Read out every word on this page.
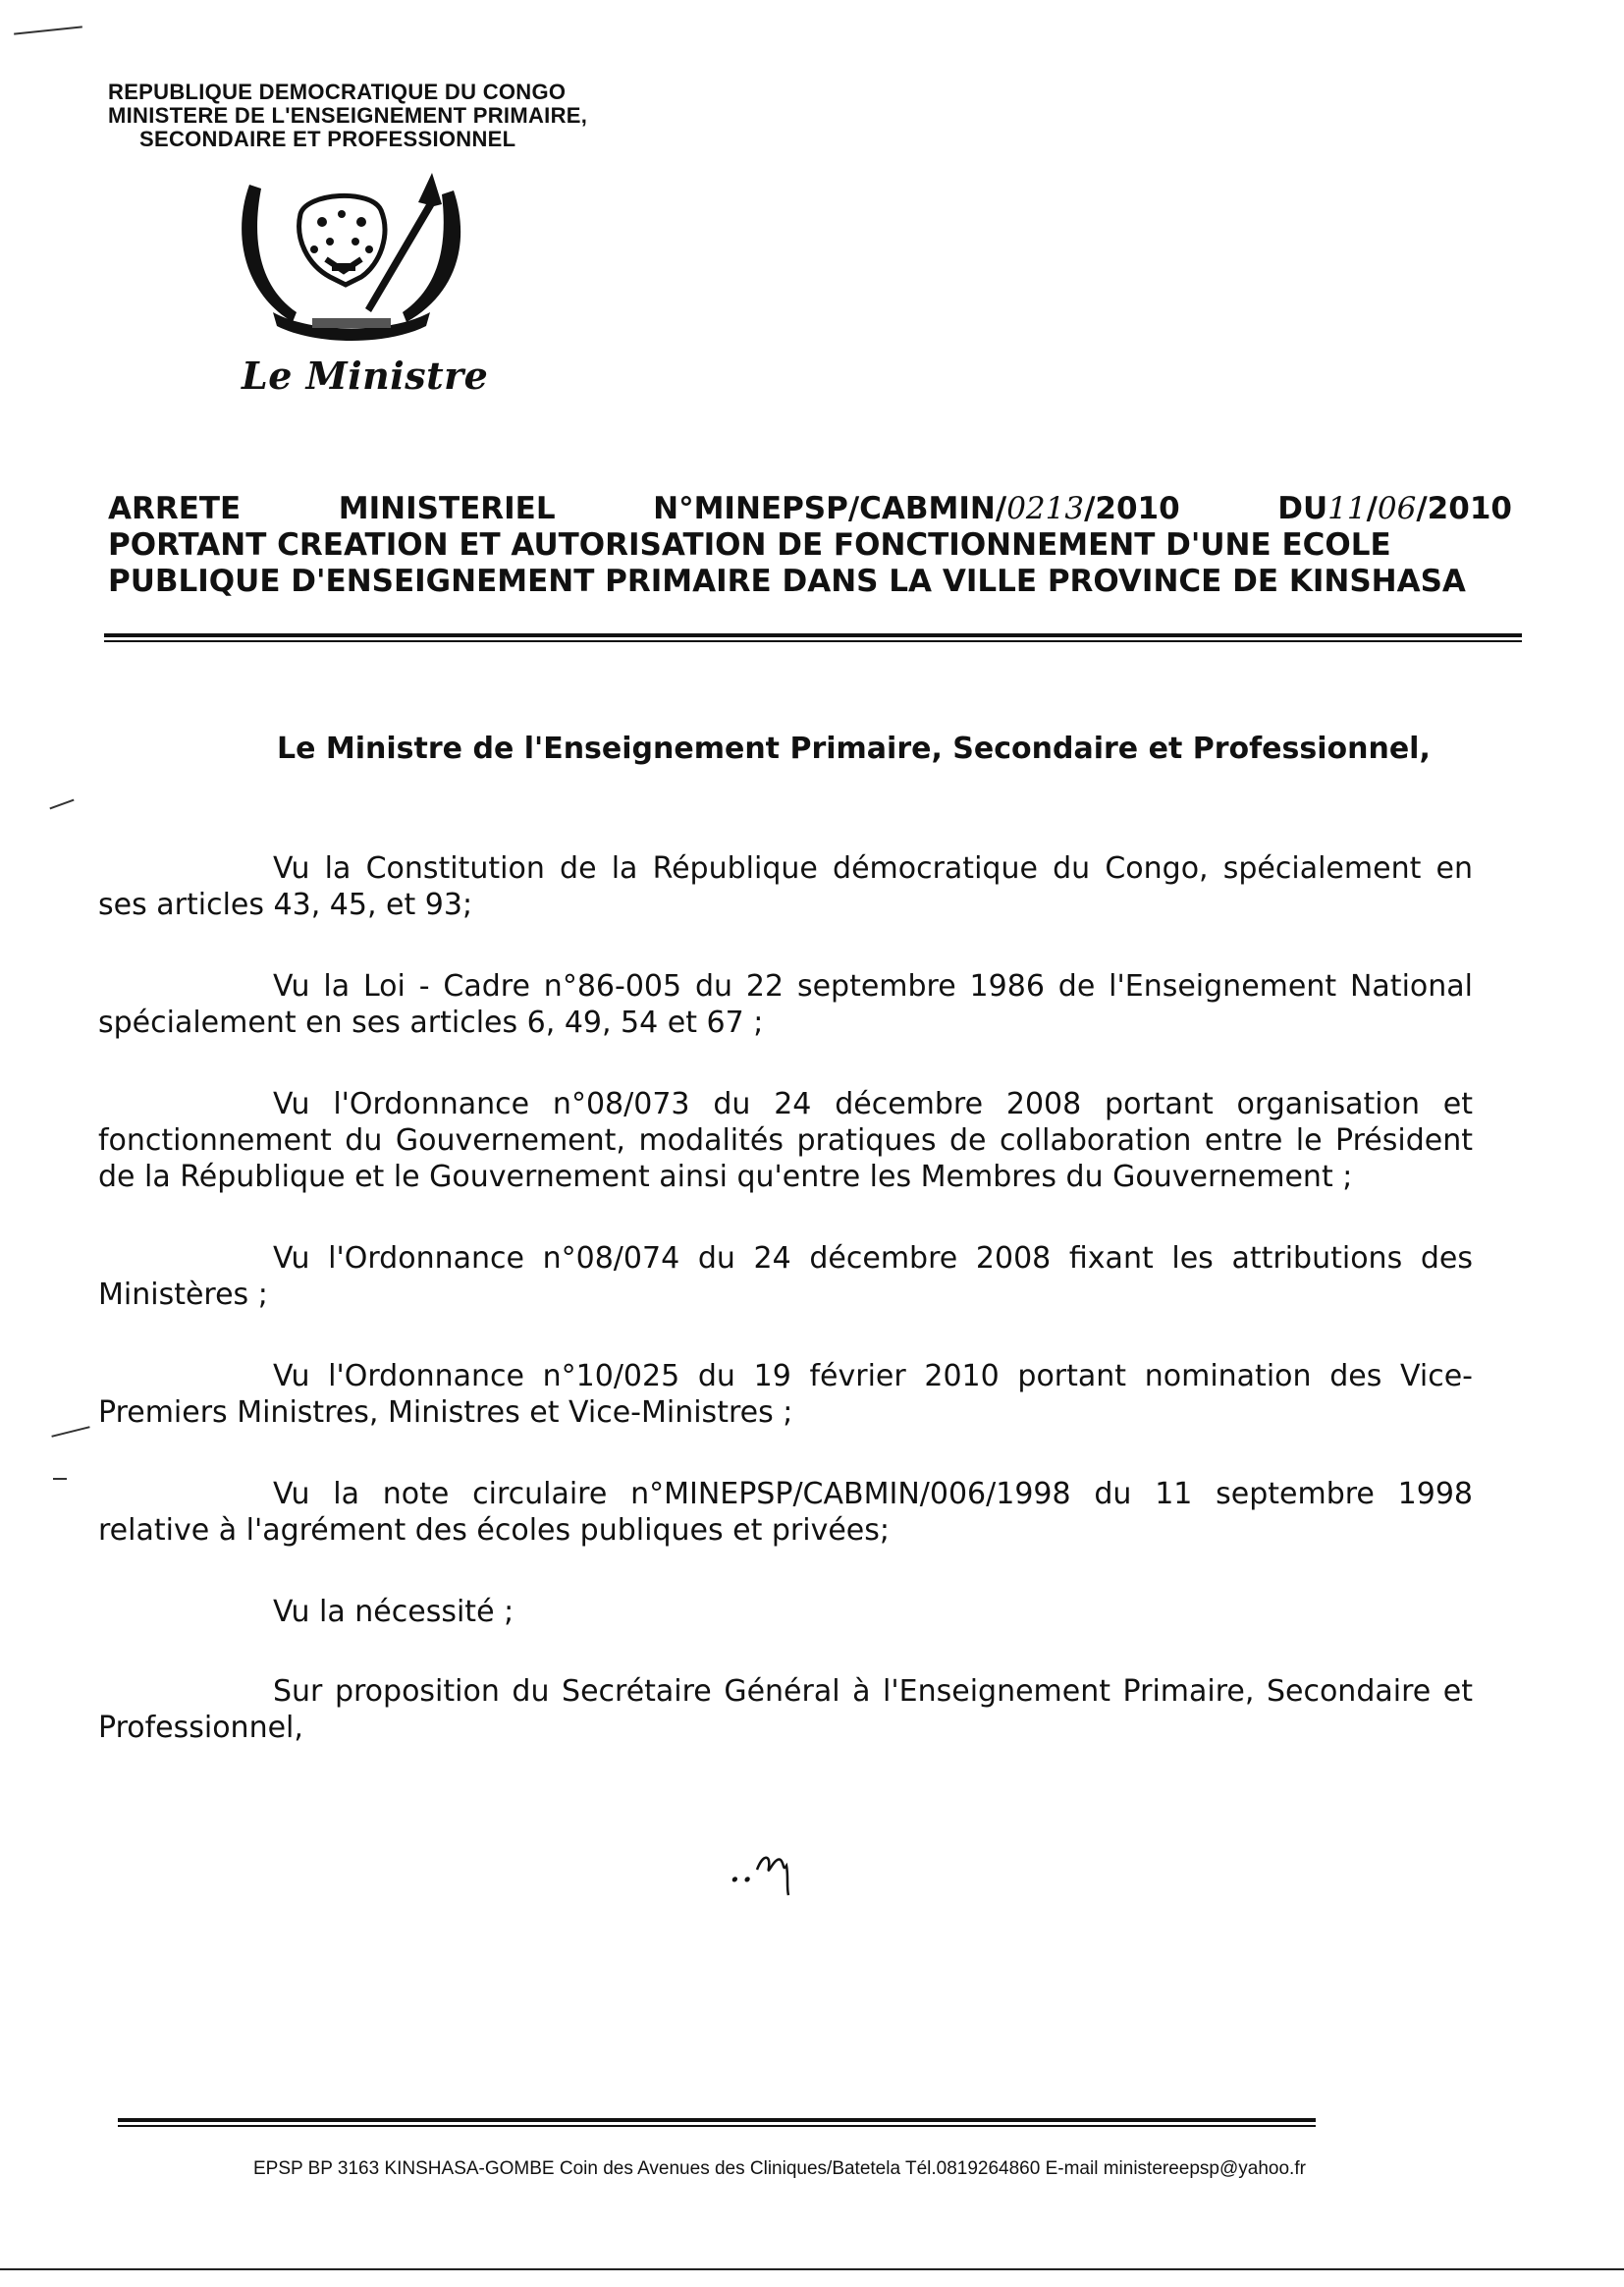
REPUBLIQUE DEMOCRATIQUE DU CONGO
MINISTERE DE L'ENSEIGNEMENT PRIMAIRE,
SECONDAIRE ET PROFESSIONNEL
Le Ministre
ARRETE	MINISTERIEL	N°MINEPSP/CABMIN/0213/2010	DU11/06/2010
PORTANT CREATION ET AUTORISATION DE FONCTIONNEMENT D'UNE ECOLE
PUBLIQUE D'ENSEIGNEMENT PRIMAIRE DANS LA VILLE PROVINCE DE KINSHASA
Le Ministre de l'Enseignement Primaire, Secondaire et Professionnel,

Vu la Constitution de la République démocratique du Congo, spécialement en ses articles 43, 45, et 93;

Vu la Loi - Cadre n°86-005 du 22 septembre 1986 de l'Enseignement National spécialement en ses articles 6, 49, 54 et 67 ;

Vu l'Ordonnance n°08/073 du 24 décembre 2008 portant organisation et fonctionnement du Gouvernement, modalités pratiques de collaboration entre le Président de la République et le Gouvernement ainsi qu'entre les Membres du Gouvernement ;

Vu l'Ordonnance n°08/074 du 24 décembre 2008 fixant les attributions des Ministères ;

Vu l'Ordonnance n°10/025 du 19 février 2010 portant nomination des Vice-Premiers Ministres, Ministres et Vice-Ministres ;

Vu la note circulaire n°MINEPSP/CABMIN/006/1998 du 11 septembre 1998 relative à l'agrément des écoles publiques et privées;

Vu la nécessité ;

Sur proposition du Secrétaire Général à l'Enseignement Primaire, Secondaire et Professionnel,

..
EPSP BP 3163 KINSHASA-GOMBE Coin des Avenues des Cliniques/Batetela Tél.0819264860 E-mail ministereepsp@yahoo.fr
